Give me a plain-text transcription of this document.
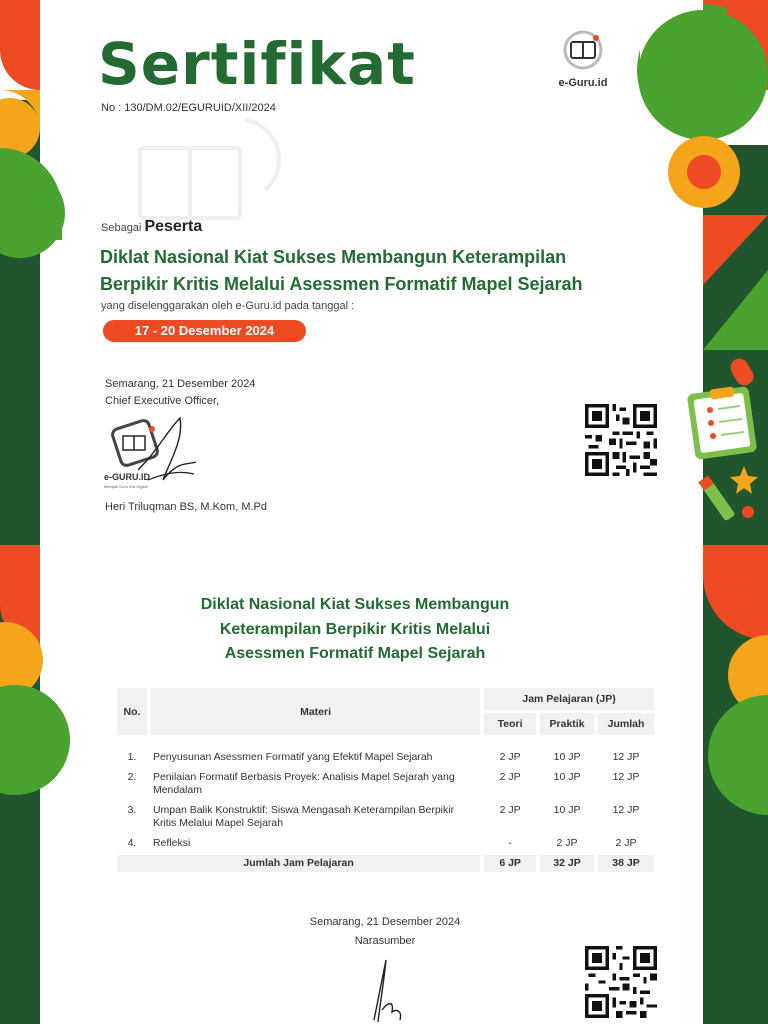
Sertifikat
No : 130/DM.02/EGURUID/XII/2024
e-Guru.id
Sebagai Peserta
Diklat Nasional Kiat Sukses Membangun Keterampilan
Berpikir Kritis Melalui Asessmen Formatif Mapel Sejarah
yang diselenggarakan oleh e-Guru.id pada tanggal :
17 - 20 Desember 2024
Semarang, 21 Desember 2024
Chief Executive Officer,
e-GURU.ID
Menjadi Guru Era Digital
Heri Triluqman BS, M.Kom, M.Pd
Diklat Nasional Kiat Sukses Membangun
Keterampilan Berpikir Kritis Melalui
Asessmen Formatif Mapel Sejarah
No.	Materi	Jam Pelajaran (JP)		
		Teori	Praktik	Jumlah

1.	Penyusunan Asessmen Formatif yang Efektif Mapel Sejarah	2 JP	10 JP	12 JP
2.	Penilaian Formatif Berbasis Proyek: Analisis Mapel Sejarah yang Mendalam	2 JP	10 JP	12 JP
3.	Umpan Balik Konstruktif: Siswa Mengasah Keterampilan Berpikir Kritis Melalui Mapel Sejarah	2 JP	10 JP	12 JP
4.	Refleksi	-	2 JP	2 JP
Jumlah Jam Pelajaran		6 JP	32 JP	38 JP
Semarang, 21 Desember 2024
Narasumber
